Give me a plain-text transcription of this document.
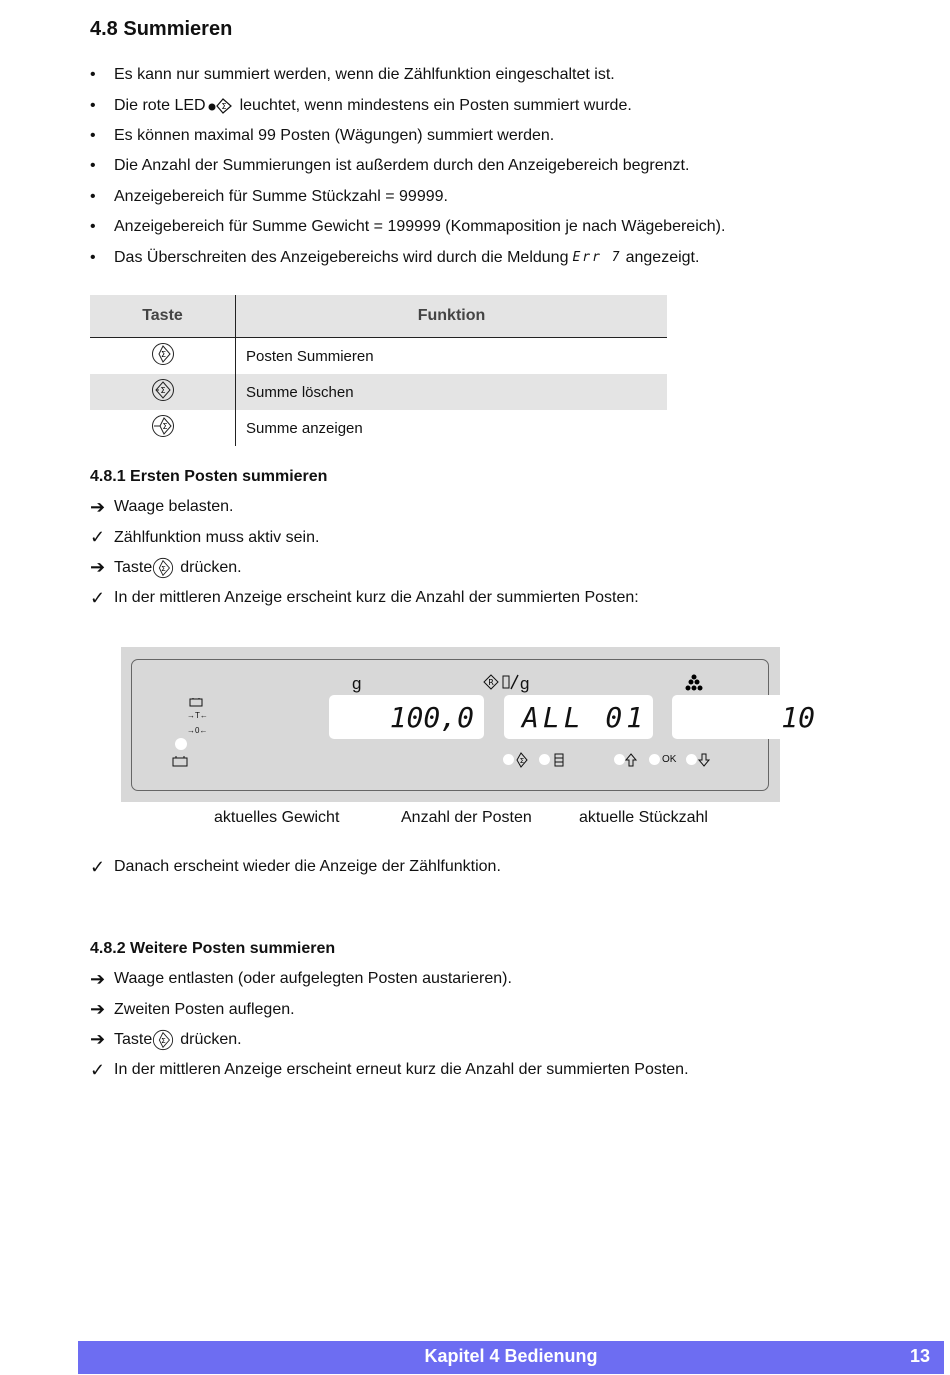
4.8 Summieren
•	Es kann nur summiert werden, wenn die Zählfunktion eingeschaltet ist.
•	Die rote LED Σ leuchtet, wenn mindestens ein Posten summiert wurde.
•	Es können maximal 99 Posten (Wägungen) summiert werden.
•	Die Anzahl der Summierungen ist außerdem durch den Anzeigebereich begrenzt.
•	Anzeigebereich für Summe Stückzahl = 99999.
•	Anzeigebereich für Summe Gewicht = 199999 (Kommaposition je nach Wägebereich).
•	Das Überschreiten des Anzeigebereichs wird durch die Meldung Err 7 angezeigt.
Taste	Funktion

Σ	Posten Summieren

Σ	Summe löschen

Σ	Summe anzeigen
4.8.1 Ersten Posten summieren
➔ Waage belasten.
✓ Zählfunktion muss aktiv sein.
➔ Taste Σ drücken.
✓ In der mittleren Anzeige erscheint kurz die Anzahl der summierten Posten:
→T←
→0←
g	R g
100,0	ALL 01	10
Σ	OK
aktuelles Gewicht	Anzahl der Posten	aktuelle Stückzahl
✓ Danach erscheint wieder die Anzeige der Zählfunktion.
4.8.2 Weitere Posten summieren
➔ Waage entlasten (oder aufgelegten Posten austarieren).
➔ Zweiten Posten auflegen.
➔ Taste Σ drücken.
✓ In der mittleren Anzeige erscheint erneut kurz die Anzahl der summierten Posten.
Kapitel 4 Bedienung	13
